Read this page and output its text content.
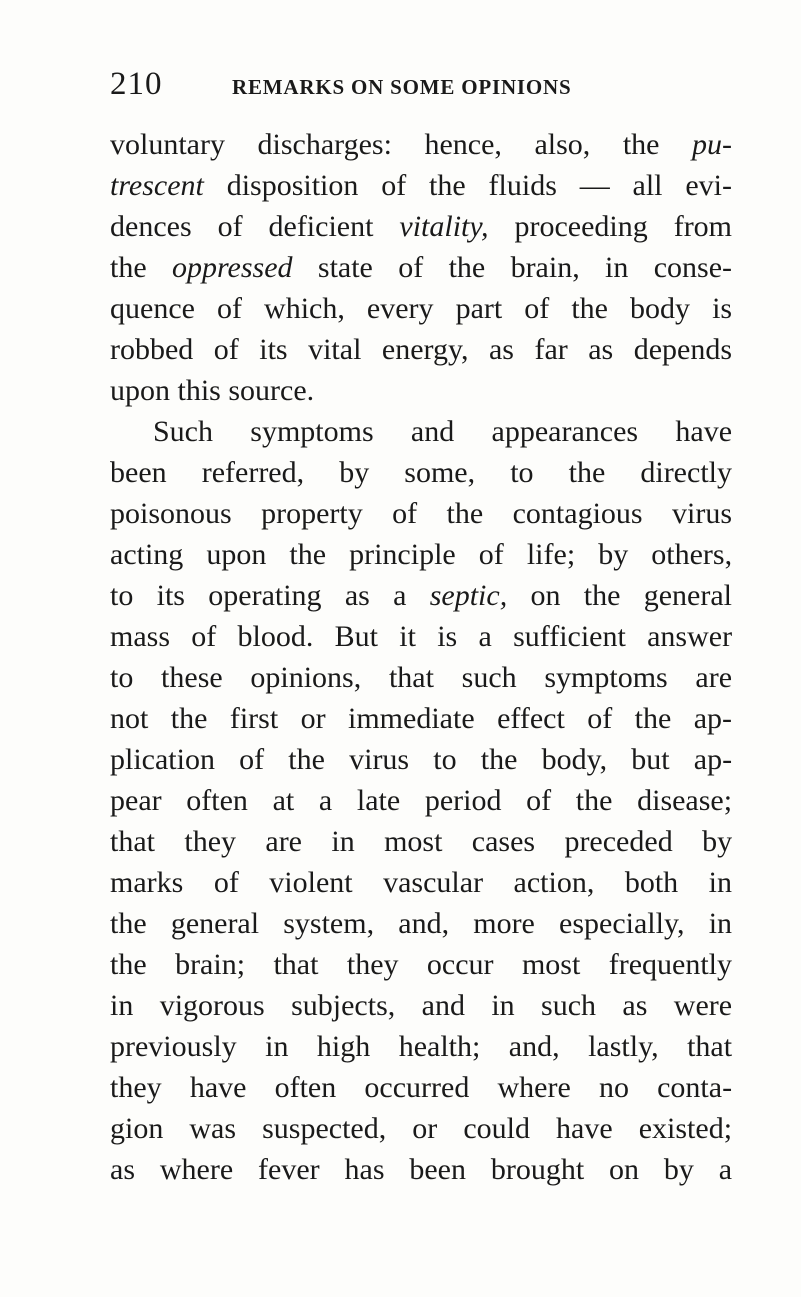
210	REMARKS ON SOME OPINIONS
voluntary discharges: hence, also, the pu-
trescent disposition of the fluids — all evi-
dences of deficient vitality, proceeding from
the oppressed state of the brain, in conse-
quence of which, every part of the body is
robbed of its vital energy, as far as depends
upon this source.
Such symptoms and appearances have
been referred, by some, to the directly
poisonous property of the contagious virus
acting upon the principle of life; by others,
to its operating as a septic, on the general
mass of blood. But it is a sufficient answer
to these opinions, that such symptoms are
not the first or immediate effect of the ap-
plication of the virus to the body, but ap-
pear often at a late period of the disease;
that they are in most cases preceded by
marks of violent vascular action, both in
the general system, and, more especially, in
the brain; that they occur most frequently
in vigorous subjects, and in such as were
previously in high health; and, lastly, that
they have often occurred where no conta-
gion was suspected, or could have existed;
as where fever has been brought on by a
